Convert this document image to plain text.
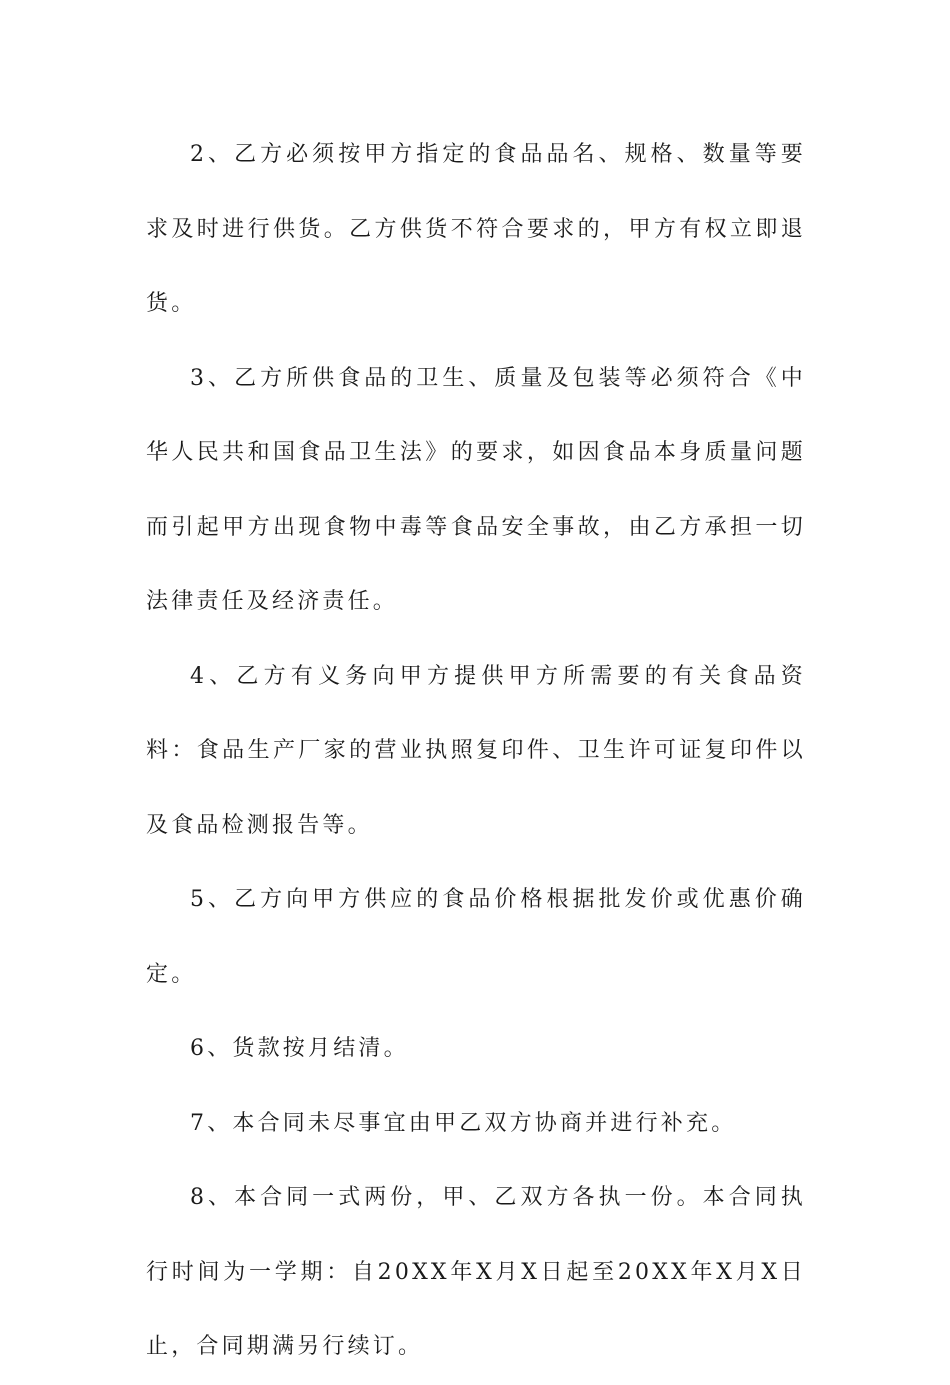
2、乙方必须按甲方指定的食品品名、规格、数量等要求及时进行供货。乙方供货不符合要求的，甲方有权立即退货。

3、乙方所供食品的卫生、质量及包装等必须符合《中华人民共和国食品卫生法》的要求，如因食品本身质量问题而引起甲方出现食物中毒等食品安全事故，由乙方承担一切法律责任及经济责任。

4、乙方有义务向甲方提供甲方所需要的有关食品资料：食品生产厂家的营业执照复印件、卫生许可证复印件以及食品检测报告等。

5、乙方向甲方供应的食品价格根据批发价或优惠价确定。

6、货款按月结清。

7、本合同未尽事宜由甲乙双方协商并进行补充。

8、本合同一式两份，甲、乙双方各执一份。本合同执行时间为一学期：自20XX年X月X日起至20XX年X月X日止，合同期满另行续订。
